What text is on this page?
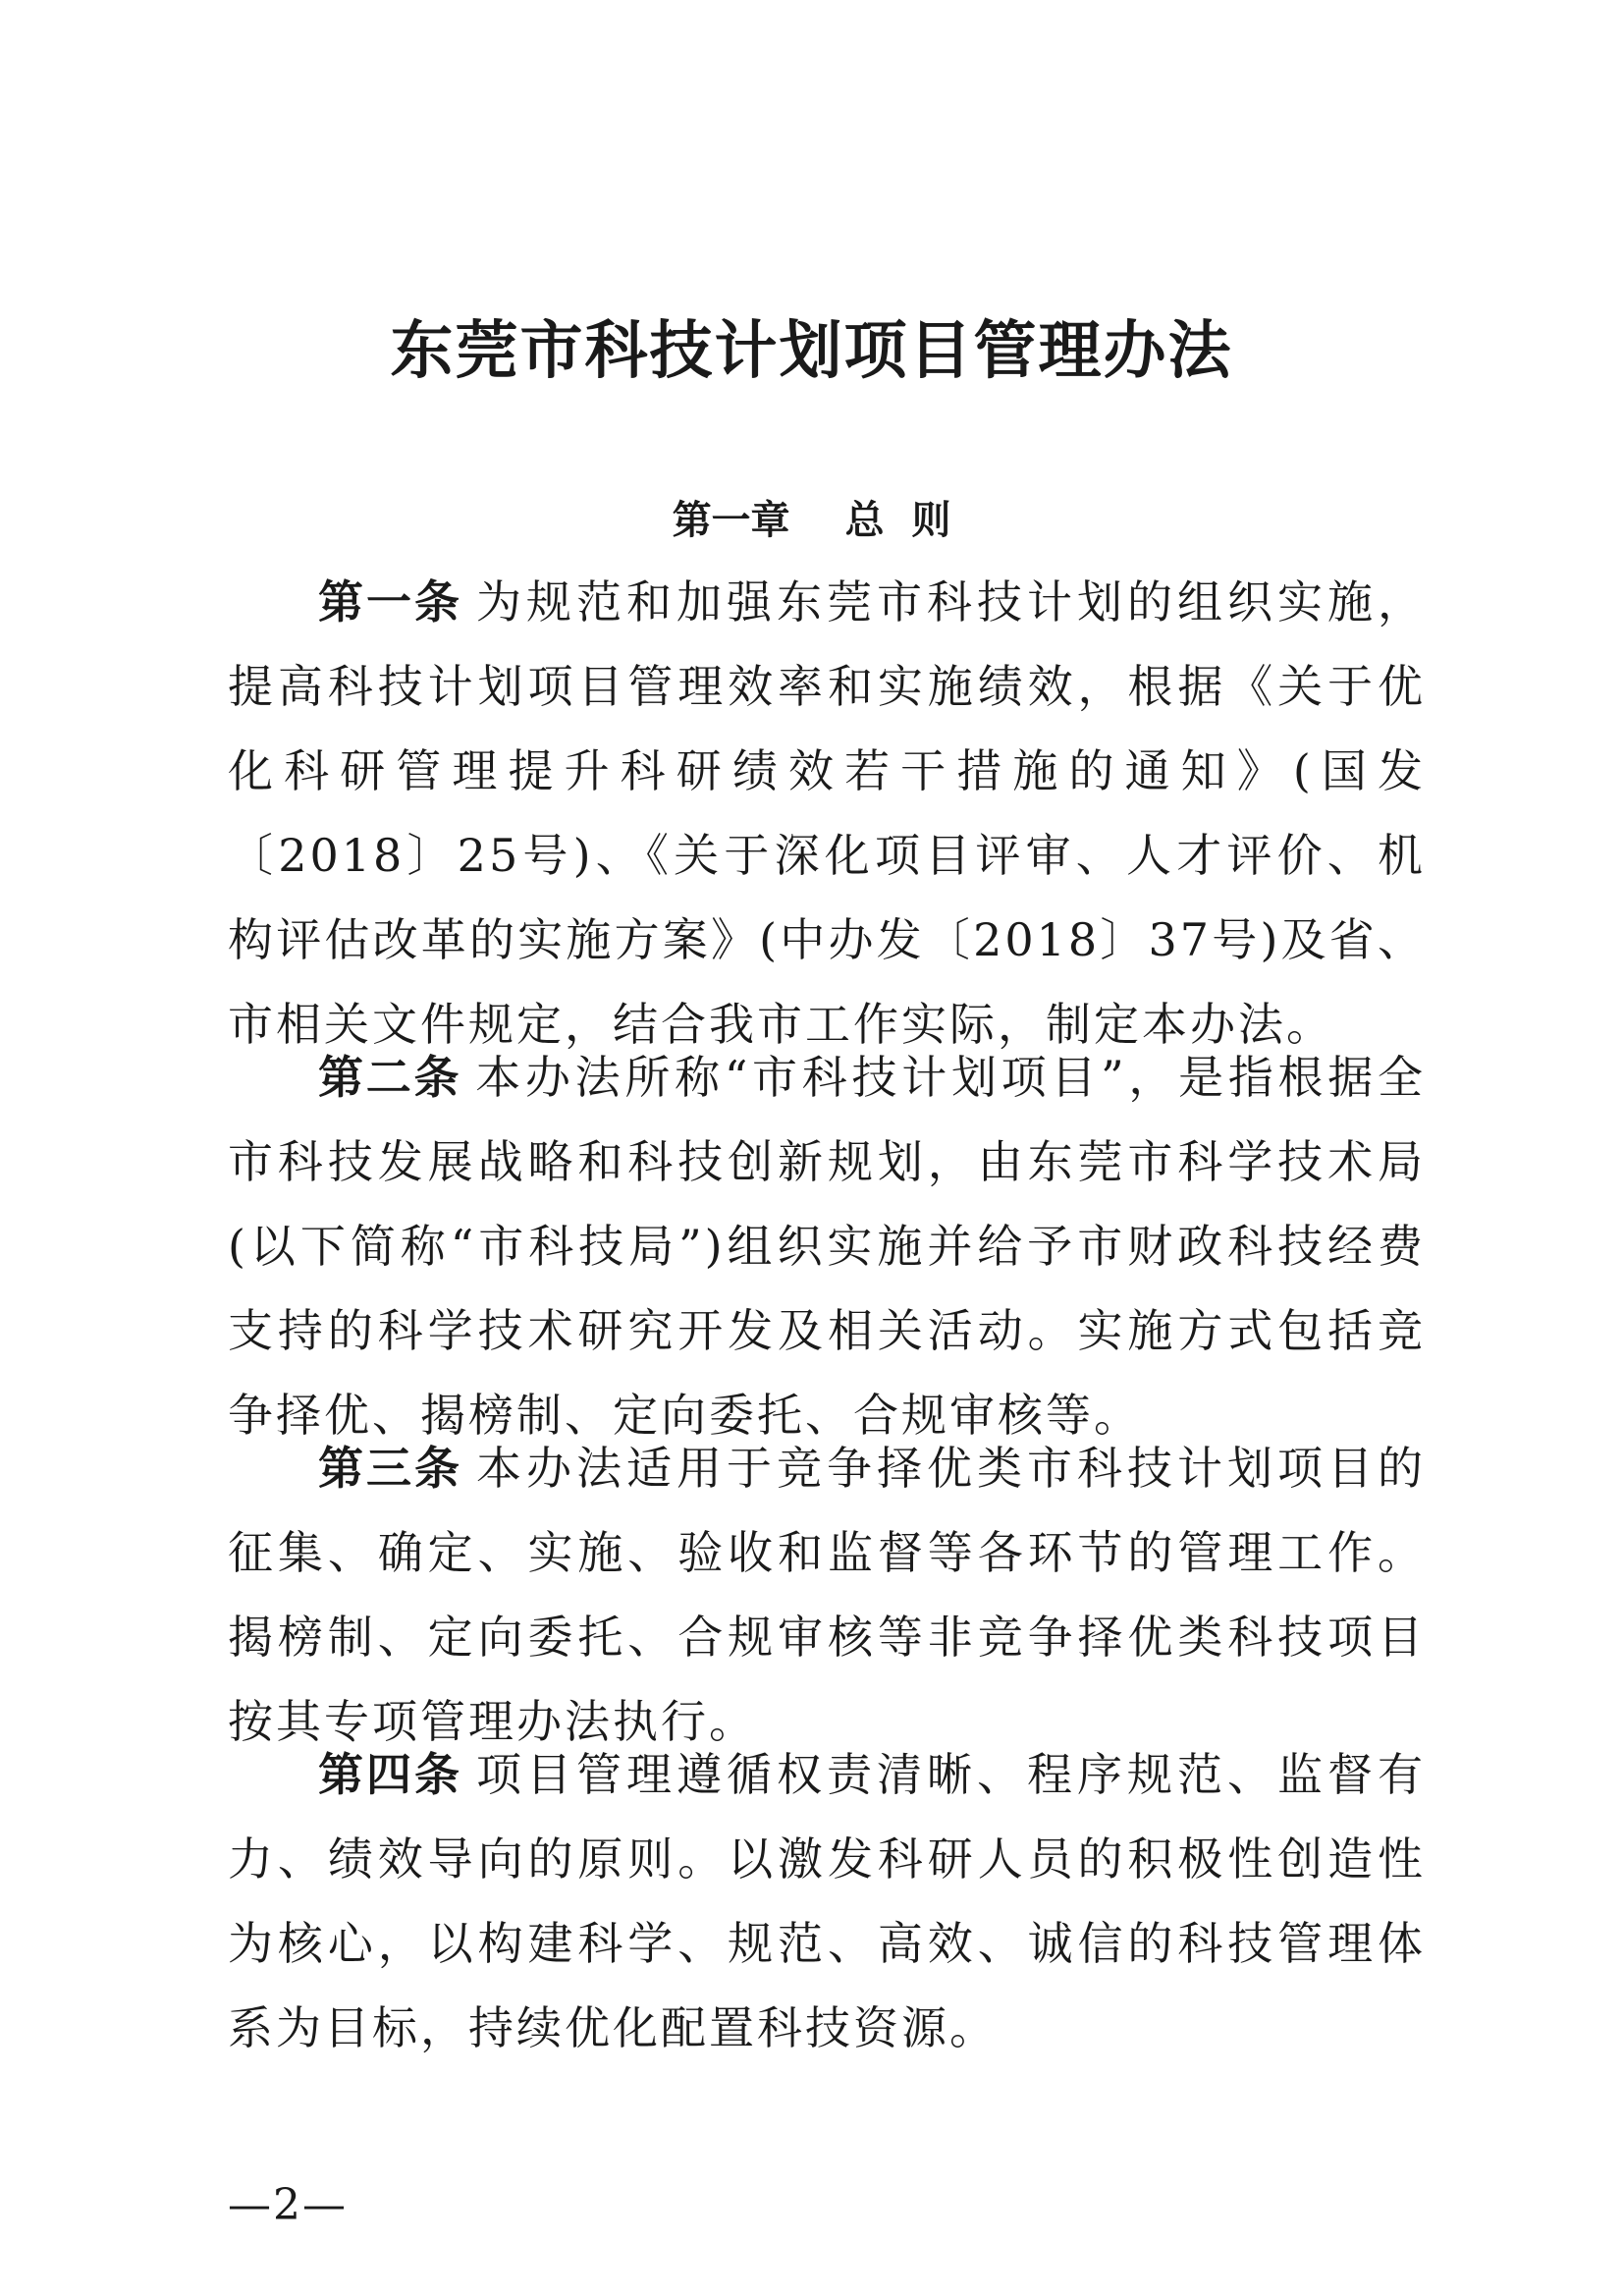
东莞市科技计划项目管理办法
第一章 总  则

第一条 为规范和加强东莞市科技计划的组织实施，提高科技计划项目管理效率和实施绩效，根据《关于优化科研管理提升科研绩效若干措施的通知》(国发〔2018〕25号)、《关于深化项目评审、人才评价、机构评估改革的实施方案》(中办发〔2018〕37号)及省、市相关文件规定，结合我市工作实际，制定本办法。

第二条 本办法所称“市科技计划项目”，是指根据全市科技发展战略和科技创新规划，由东莞市科学技术局(以下简称“市科技局”)组织实施并给予市财政科技经费支持的科学技术研究开发及相关活动。实施方式包括竞争择优、揭榜制、定向委托、合规审核等。

第三条 本办法适用于竞争择优类市科技计划项目的征集、确定、实施、验收和监督等各环节的管理工作。揭榜制、定向委托、合规审核等非竞争择优类科技项目按其专项管理办法执行。

第四条 项目管理遵循权责清晰、程序规范、监督有力、绩效导向的原则。以激发科研人员的积极性创造性为核心，以构建科学、规范、高效、诚信的科技管理体系为目标，持续优化配置科技资源。

—2—
